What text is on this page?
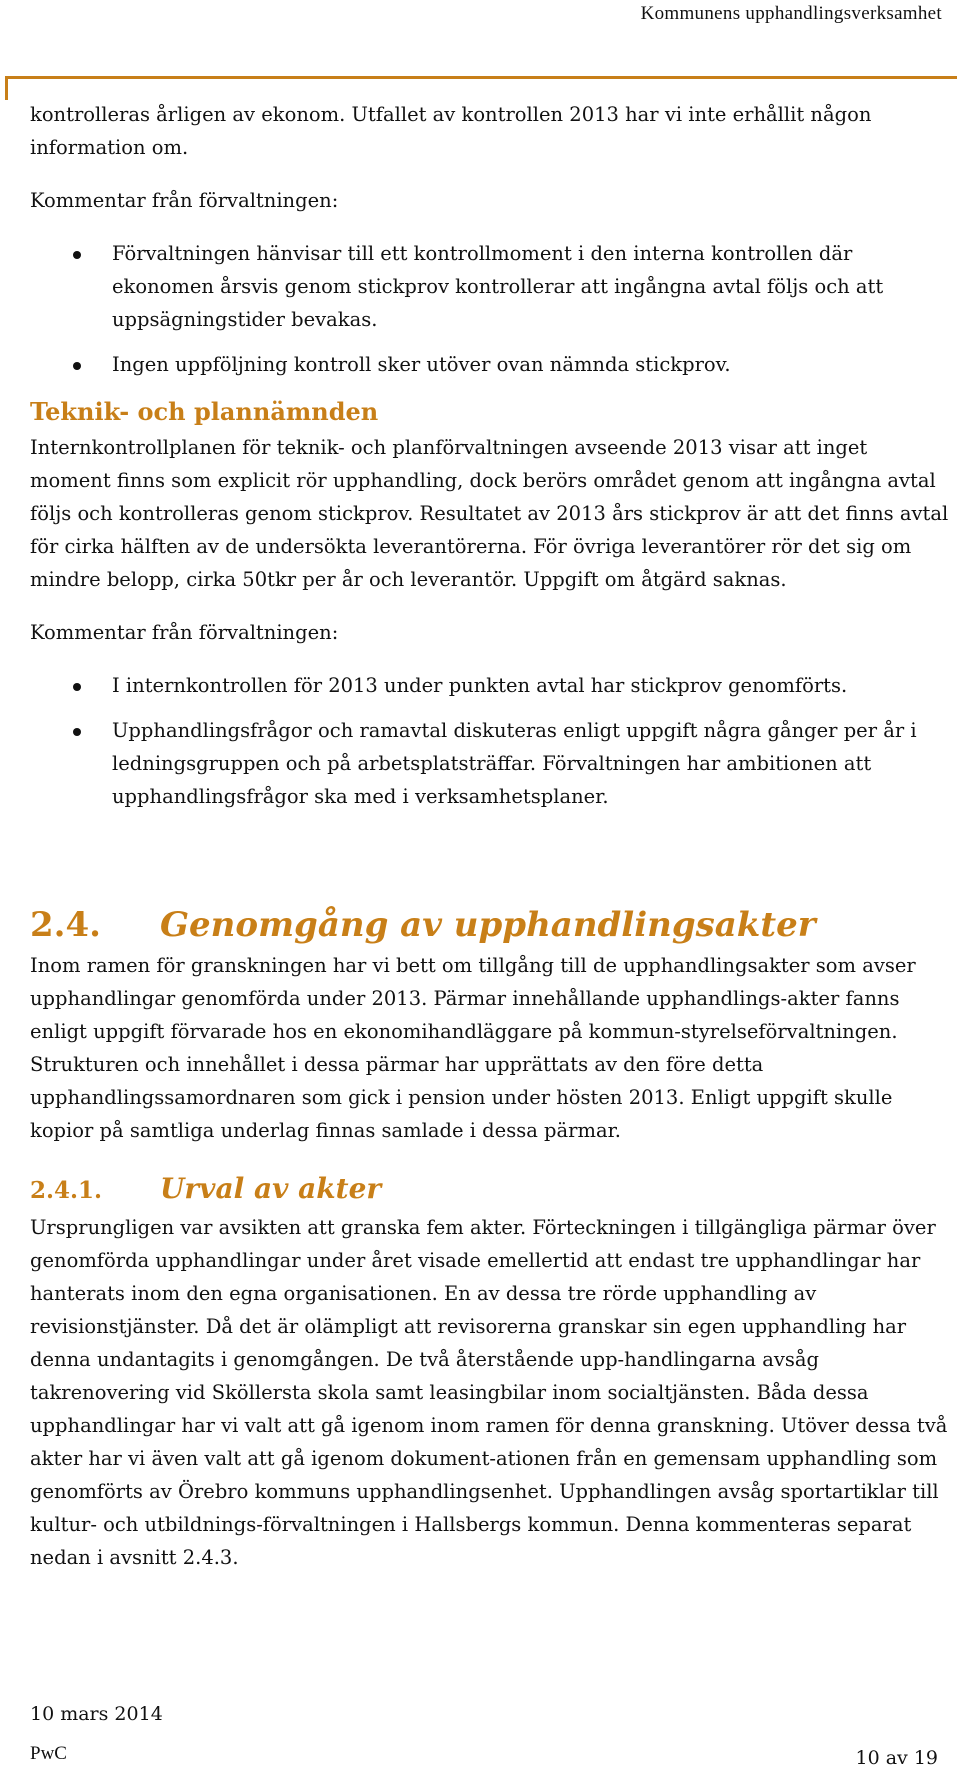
Kommunens upphandlingsverksamhet

kontrolleras årligen av ekonom. Utfallet av kontrollen 2013 har vi inte erhållit någon information om.

Kommentar från förvaltningen:

Förvaltningen hänvisar till ett kontrollmoment i den interna kontrollen där ekonomen årsvis genom stickprov kontrollerar att ingångna avtal följs och att uppsägningstider bevakas.
Ingen uppföljning kontroll sker utöver ovan nämnda stickprov.
Teknik- och plannämnden

Internkontrollplanen för teknik- och planförvaltningen avseende 2013 visar att inget moment finns som explicit rör upphandling, dock berörs området genom att ingångna avtal följs och kontrolleras genom stickprov. Resultatet av 2013 års stickprov är att det finns avtal för cirka hälften av de undersökta leverantörerna. För övriga leverantörer rör det sig om mindre belopp, cirka 50tkr per år och leverantör. Uppgift om åtgärd saknas.

Kommentar från förvaltningen:

I internkontrollen för 2013 under punkten avtal har stickprov genomförts.
Upphandlingsfrågor och ramavtal diskuteras enligt uppgift några gånger per år i ledningsgruppen och på arbetsplatsträffar. Förvaltningen har ambitionen att upphandlingsfrågor ska med i verksamhetsplaner.
2.4. Genomgång av upphandlingsakter

Inom ramen för granskningen har vi bett om tillgång till de upphandlingsakter som avser upphandlingar genomförda under 2013. Pärmar innehållande upphandlings-akter fanns enligt uppgift förvarade hos en ekonomihandläggare på kommun-styrelseförvaltningen. Strukturen och innehållet i dessa pärmar har upprättats av den före detta upphandlingssamordnaren som gick i pension under hösten 2013. Enligt uppgift skulle kopior på samtliga underlag finnas samlade i dessa pärmar.

2.4.1. Urval av akter

Ursprungligen var avsikten att granska fem akter. Förteckningen i tillgängliga pärmar över genomförda upphandlingar under året visade emellertid att endast tre upphandlingar har hanterats inom den egna organisationen. En av dessa tre rörde upphandling av revisionstjänster. Då det är olämpligt att revisorerna granskar sin egen upphandling har denna undantagits i genomgången. De två återstående upp-handlingarna avsåg takrenovering vid Sköllersta skola samt leasingbilar inom socialtjänsten. Båda dessa upphandlingar har vi valt att gå igenom inom ramen för denna granskning. Utöver dessa två akter har vi även valt att gå igenom dokument-ationen från en gemensam upphandling som genomförts av Örebro kommuns upphandlingsenhet. Upphandlingen avsåg sportartiklar till kultur- och utbildnings-förvaltningen i Hallsbergs kommun. Denna kommenteras separat nedan i avsnitt 2.4.3.

10 mars 2014
10 av 19
PwC
